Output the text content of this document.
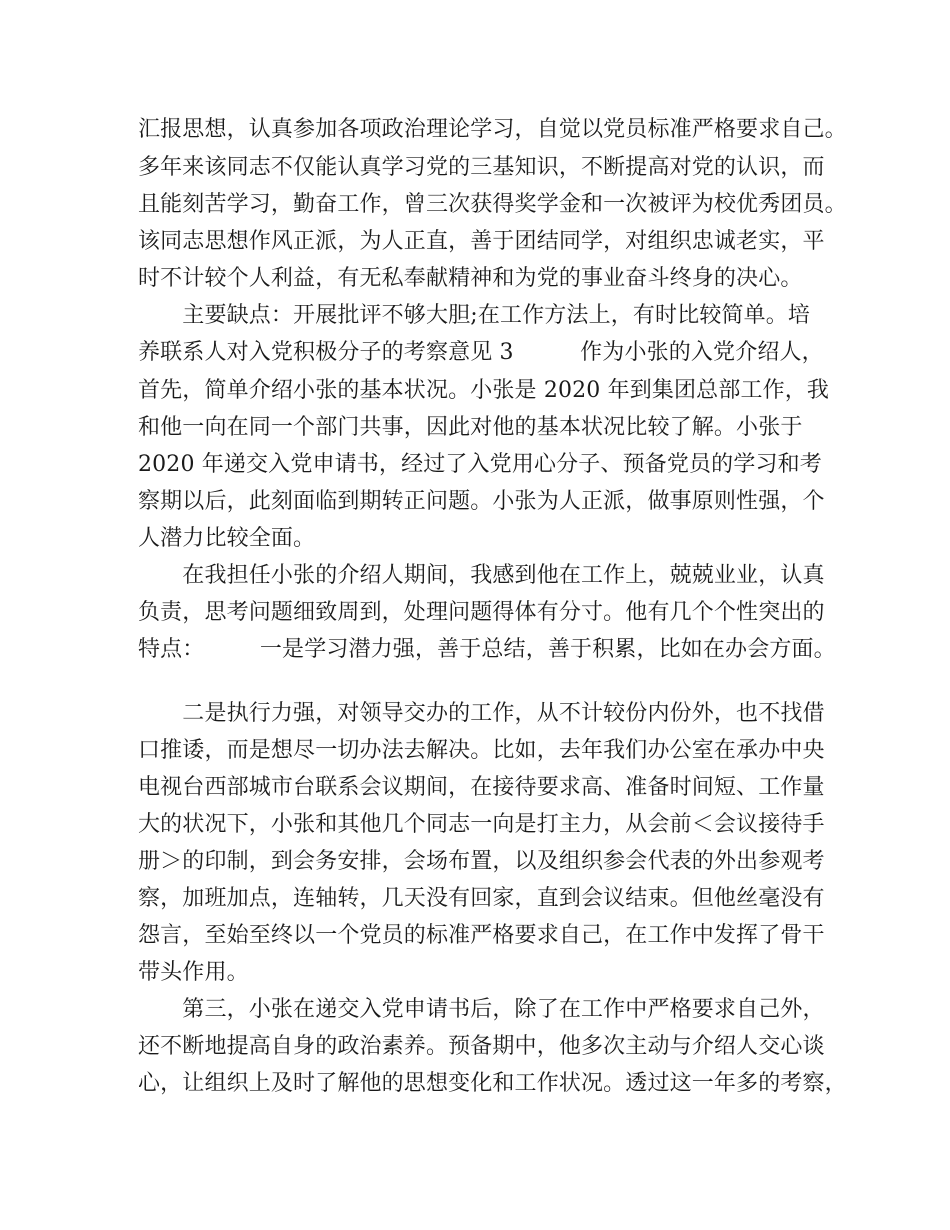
汇报思想，认真参加各项政治理论学习，自觉以党员标准严格要求自己。
多年来该同志不仅能认真学习党的三基知识，不断提高对党的认识，而
且能刻苦学习，勤奋工作，曾三次获得奖学金和一次被评为校优秀团员。
该同志思想作风正派，为人正直，善于团结同学，对组织忠诚老实，平
时不计较个人利益，有无私奉献精神和为党的事业奋斗终身的决心。
　　主要缺点：开展批评不够大胆;在工作方法上，有时比较简单。培
养联系人对入党积极分子的考察意见 3　　　作为小张的入党介绍人，
首先，简单介绍小张的基本状况。小张是 2020 年到集团总部工作，我
和他一向在同一个部门共事，因此对他的基本状况比较了解。小张于
2020 年递交入党申请书，经过了入党用心分子、预备党员的学习和考
察期以后，此刻面临到期转正问题。小张为人正派，做事原则性强，个
人潜力比较全面。
　　在我担任小张的介绍人期间，我感到他在工作上，兢兢业业，认真
负责，思考问题细致周到，处理问题得体有分寸。他有几个个性突出的
特点：　　　一是学习潜力强，善于总结，善于积累，比如在办会方面。
　　二是执行力强，对领导交办的工作，从不计较份内份外，也不找借
口推诿，而是想尽一切办法去解决。比如，去年我们办公室在承办中央
电视台西部城市台联系会议期间，在接待要求高、准备时间短、工作量
大的状况下，小张和其他几个同志一向是打主力，从会前＜会议接待手
册＞的印制，到会务安排，会场布置，以及组织参会代表的外出参观考
察，加班加点，连轴转，几天没有回家，直到会议结束。但他丝毫没有
怨言，至始至终以一个党员的标准严格要求自己，在工作中发挥了骨干
带头作用。
　　第三，小张在递交入党申请书后，除了在工作中严格要求自己外，
还不断地提高自身的政治素养。预备期中，他多次主动与介绍人交心谈
心，让组织上及时了解他的思想变化和工作状况。透过这一年多的考察，
